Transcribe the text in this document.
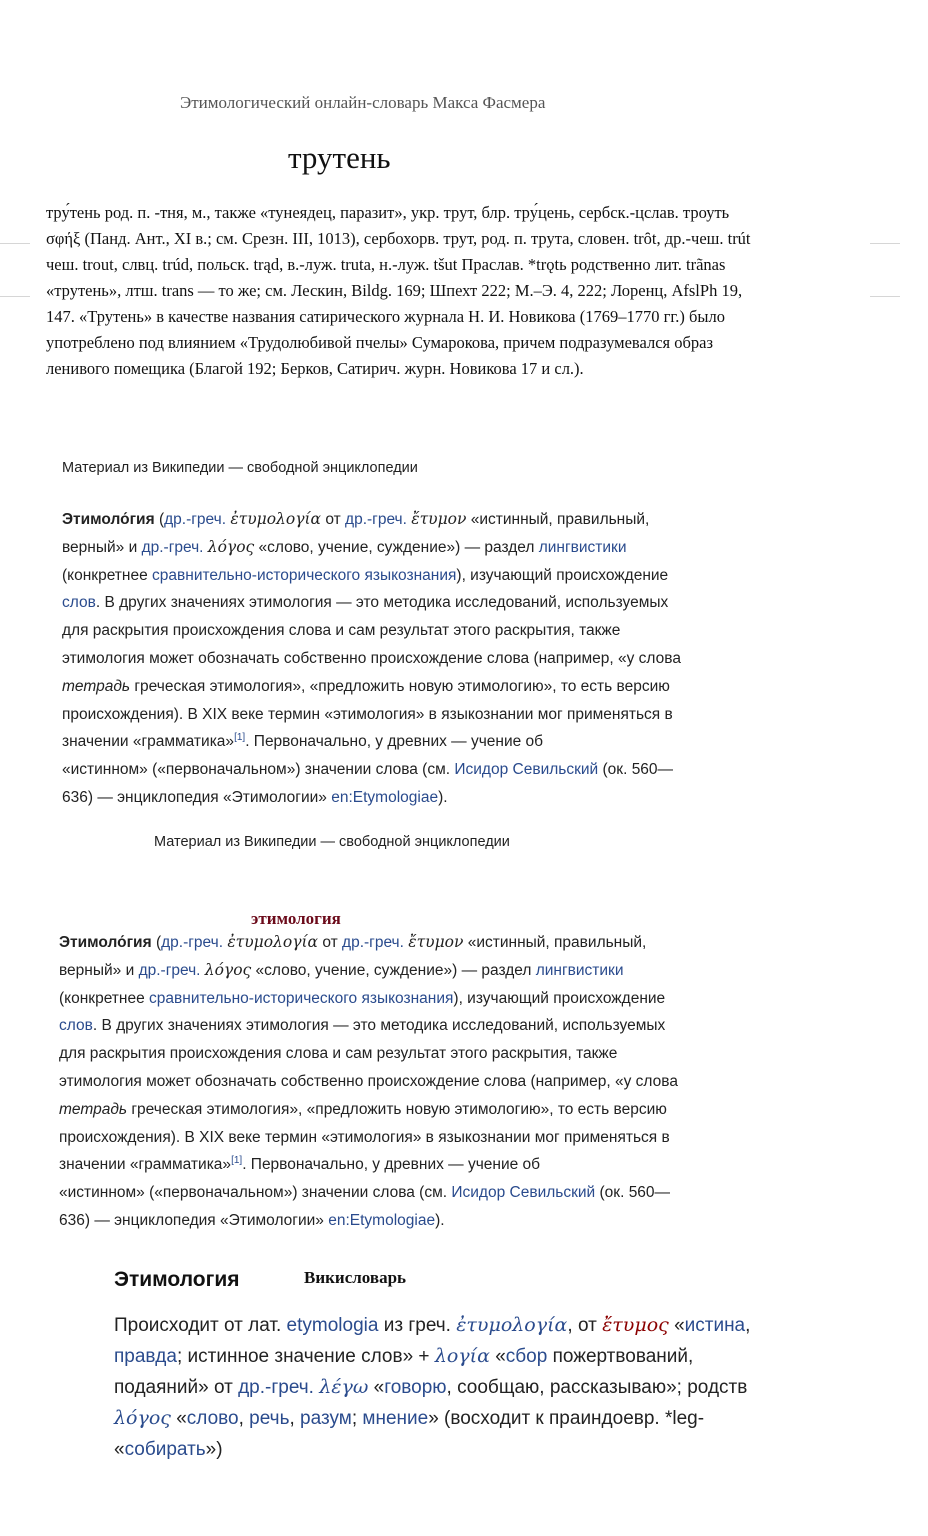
Этимологический онлайн-словарь Макса Фасмера
трутень
тру́тень род. п. -тня, м., также «тунеядец, паразит», укр. трут, блр. тру́цень, сербск.-цслав. троуть
σφήξ (Панд. Ант., XI в.; см. Срезн. III, 1013), сербохорв. трут, род. п. трута, словен. trȏt, др.-чеш. trút
чеш. trout, слвц. trúd, польск. trąd, в.-луж. truta, н.-луж. tšut Праслав. *trǫtь родственно лит. trãnas
«трутень», лтш. trans — то же; см. Лескин, Bildg. 169; Шпехт 222; М.–Э. 4, 222; Лоренц, AfslPh 19,
147. «Трутень» в качестве названия сатирического журнала Н. И. Новикова (1769–1770 гг.) было
употреблено под влиянием «Трудолюбивой пчелы» Сумарокова, причем подразумевался образ
ленивого помещика (Благой 192; Берков, Сатирич. журн. Новикова 17 и сл.).
Материал из Википедии — свободной энциклопедии
Этимоло́гия (др.-греч. ἐτυμολογία от др.-греч. ἔτυμον «истинный, правильный,
верный» и др.-греч. λόγος «слово, учение, суждение») — раздел лингвистики
(конкретнее сравнительно-исторического языкознания), изучающий происхождение
слов. В других значениях этимология — это методика исследований, используемых
для раскрытия происхождения слова и сам результат этого раскрытия, также
этимология может обозначать собственно происхождение слова (например, «у слова
тетрадь греческая этимология», «предложить новую этимологию», то есть версию
происхождения). В XIX веке термин «этимология» в языкознании мог применяться в
значении «грамматика»[1]. Первоначально, у древних — учение об
«истинном» («первоначальном») значении слова (см. Исидор Севильский (ок. 560—
636) — энциклопедия «Этимологии» en:Etymologiae).
Материал из Википедии — свободной энциклопедии
этимология
Этимоло́гия (др.-греч. ἐτυμολογία от др.-греч. ἔτυμον «истинный, правильный,
верный» и др.-греч. λόγος «слово, учение, суждение») — раздел лингвистики
(конкретнее сравнительно-исторического языкознания), изучающий происхождение
слов. В других значениях этимология — это методика исследований, используемых
для раскрытия происхождения слова и сам результат этого раскрытия, также
этимология может обозначать собственно происхождение слова (например, «у слова
тетрадь греческая этимология», «предложить новую этимологию», то есть версию
происхождения). В XIX веке термин «этимология» в языкознании мог применяться в
значении «грамматика»[1]. Первоначально, у древних — учение об
«истинном» («первоначальном») значении слова (см. Исидор Севильский (ок. 560—
636) — энциклопедия «Этимологии» en:Etymologiae).
Этимология	Викисловарь
Происходит от лат. etymologia из греч. ἐτυμολογία, от ἔτυμος «истина,
правда; истинное значение слов» + λογία «сбор пожертвований,
подаяний» от др.-греч. λέγω «говорю, сообщаю, рассказываю»; родств
λόγος «слово, речь, разум; мнение» (восходит к праиндоевр. *leg-
«собирать»)
